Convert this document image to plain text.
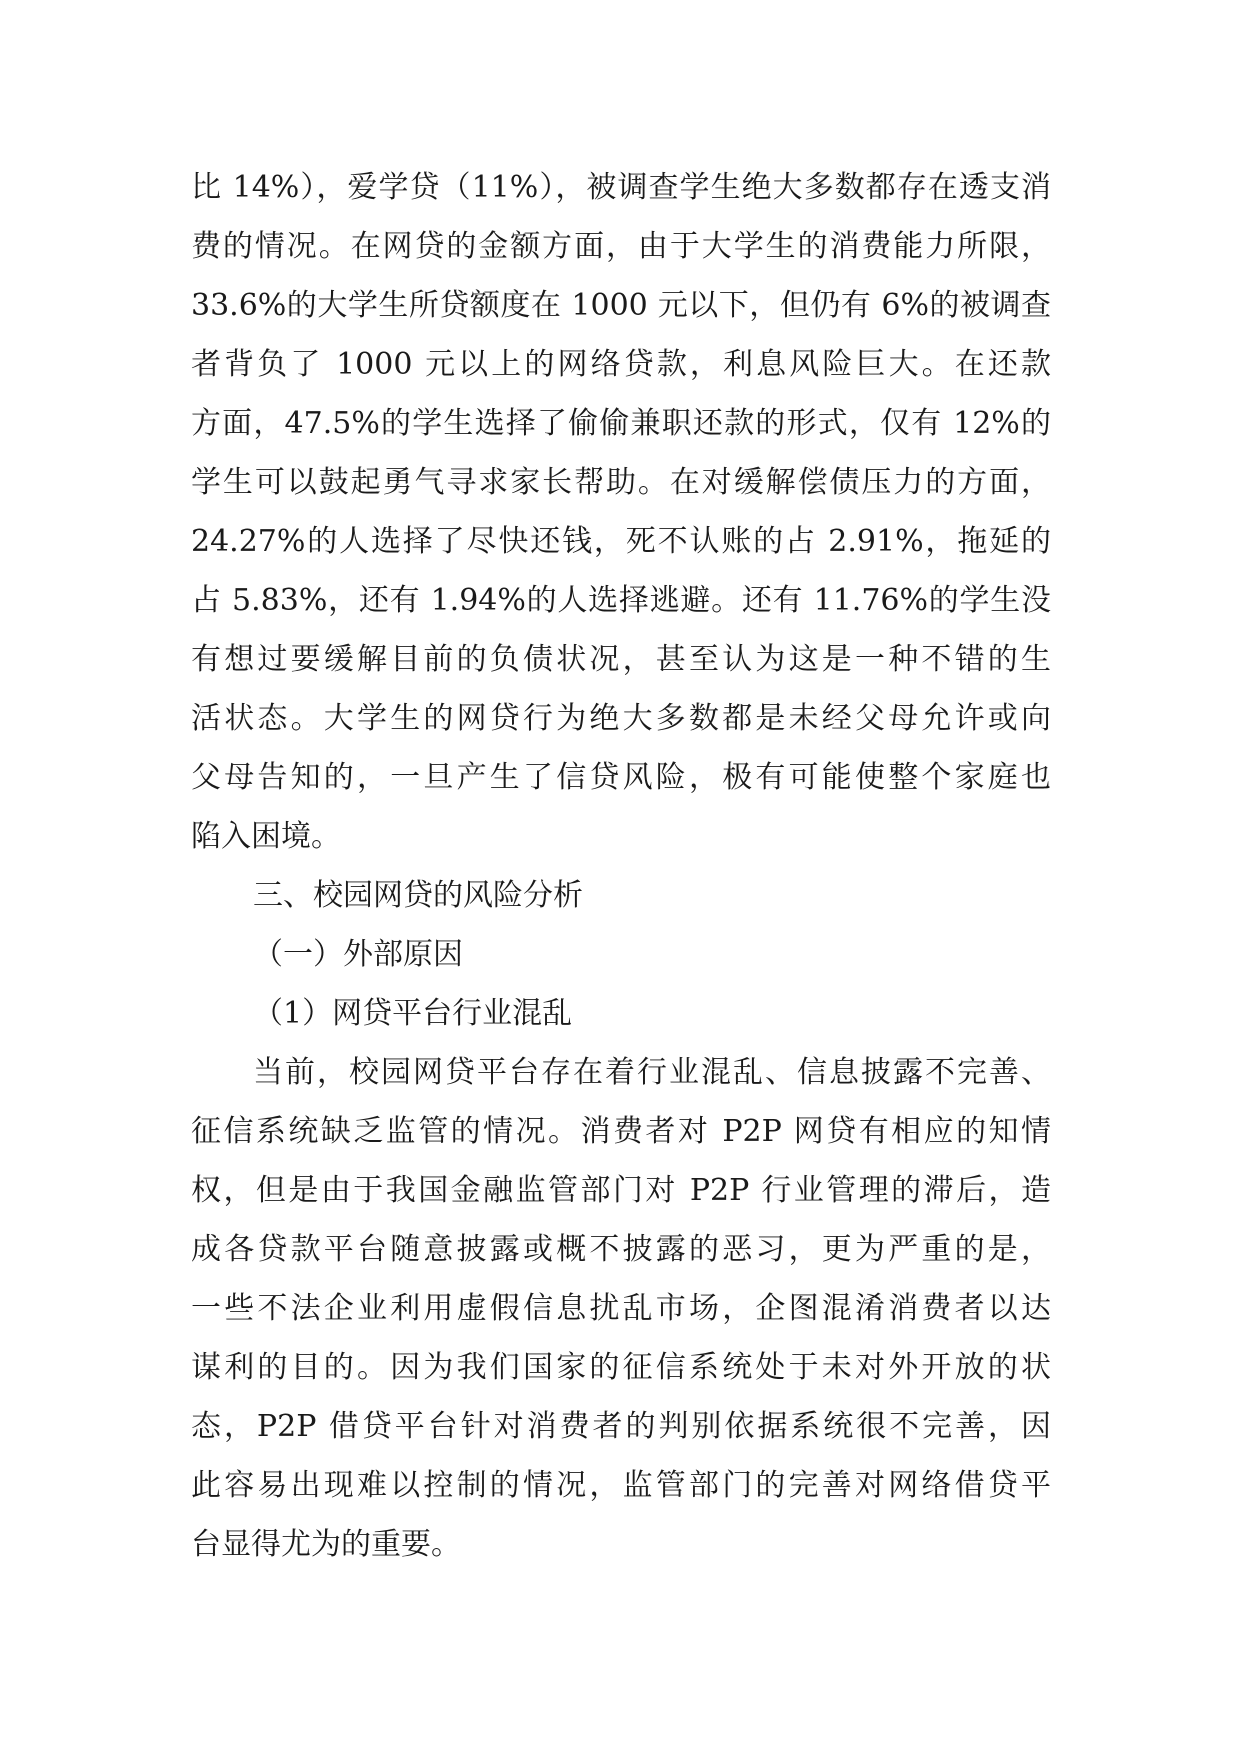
比 14%），爱学贷（11%），被调查学生绝大多数都存在透支消
费的情况。在网贷的金额方面，由于大学生的消费能力所限，
33.6%的大学生所贷额度在 1000 元以下，但仍有 6%的被调查
者背负了 1000 元以上的网络贷款，利息风险巨大。在还款
方面，47.5%的学生选择了偷偷兼职还款的形式，仅有 12%的
学生可以鼓起勇气寻求家长帮助。在对缓解偿债压力的方面，
24.27%的人选择了尽快还钱，死不认账的占 2.91%，拖延的
占 5.83%，还有 1.94%的人选择逃避。还有 11.76%的学生没
有想过要缓解目前的负债状况，甚至认为这是一种不错的生
活状态。大学生的网贷行为绝大多数都是未经父母允许或向
父母告知的，一旦产生了信贷风险，极有可能使整个家庭也
陷入困境。
三、校园网贷的风险分析
（一）外部原因
（1）网贷平台行业混乱
当前，校园网贷平台存在着行业混乱、信息披露不完善、
征信系统缺乏监管的情况。消费者对 P2P 网贷有相应的知情
权，但是由于我国金融监管部门对 P2P 行业管理的滞后，造
成各贷款平台随意披露或概不披露的恶习，更为严重的是，
一些不法企业利用虚假信息扰乱市场，企图混淆消费者以达
谋利的目的。因为我们国家的征信系统处于未对外开放的状
态，P2P 借贷平台针对消费者的判别依据系统很不完善，因
此容易出现难以控制的情况，监管部门的完善对网络借贷平
台显得尤为的重要。
